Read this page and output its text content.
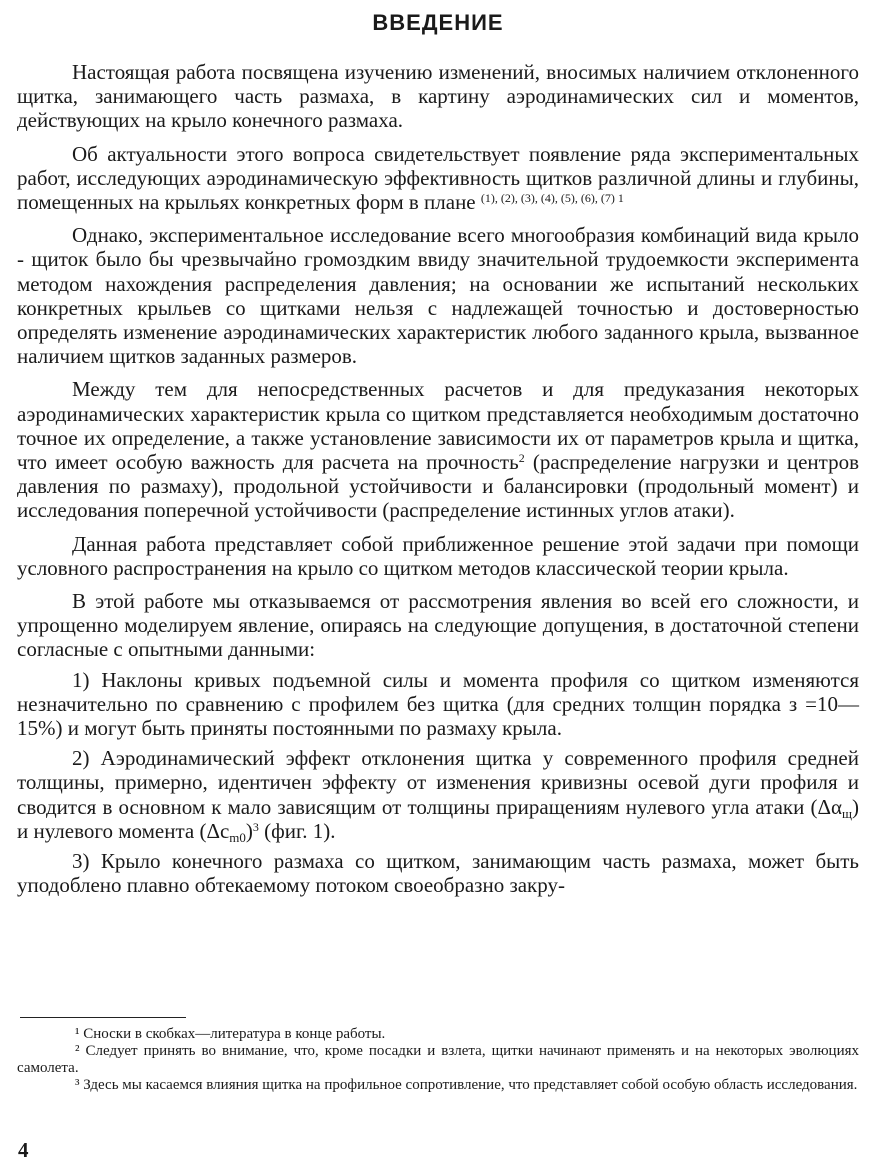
ВВЕДЕНИЕ

Настоящая работа посвящена изучению изменений, вносимых наличием отклоненного щитка, занимающего часть размаха, в картину аэродинамических сил и моментов, действующих на крыло конечного размаха.

Об актуальности этого вопроса свидетельствует появление ряда экспериментальных работ, исследующих аэродинамическую эффективность щитков различной длины и глубины, помещенных на крыльях конкретных форм в плане $^{(1), (2), (3), (4), (5), (6), (7)}$ $^1$

Однако, экспериментальное исследование всего многообразия комбинаций вида крыло - щиток было бы чрезвычайно громоздким ввиду значительной трудоемкости эксперимента методом нахождения распределения давления; на основании же испытаний нескольких конкретных крыльев со щитками нельзя с надлежащей точностью и достоверностью определять изменение аэродинамических характеристик любого заданного крыла, вызванное наличием щитков заданных размеров.

Между тем для непосредственных расчетов и для предуказания некоторых аэродинамических характеристик крыла со щитком представляется необходимым достаточно точное их определение, а также установление зависимости их от параметров крыла и щитка, что имеет особую важность для расчета на прочность$^2$ (распределение нагрузки и центров давления по размаху), продольной устойчивости и балансировки (продольный момент) и исследования поперечной устойчивости (распределение истинных углов атаки).

Данная работа представляет собой приближенное решение этой задачи при помощи условного распространения на крыло со щитком методов классической теории крыла.

В этой работе мы отказываемся от рассмотрения явления во всей его сложности, и упрощенно моделируем явление, опираясь на следующие допущения, в достаточной степени согласные с опытными данными:

1) Наклоны кривых подъемной силы и момента профиля со щитком изменяются незначительно по сравнению с профилем без щитка (для средних толщин порядка з =10—15%) и могут быть приняты постоянными по размаху крыла.

2) Аэродинамический эффект отклонения щитка у современного профиля средней толщины, примерно, идентичен эффекту от изменения кривизны осевой дуги профиля и сводится в основном к мало зависящим от толщины приращениям нулевого угла атаки $(\Delta\alpha_щ)$ и нулевого момента $(\Delta c_{m0})^3$ (фиг. 1).

3) Крыло конечного размаха со щитком, занимающим часть размаха, может быть уподоблено плавно обтекаемому потоком своеобразно закру-

¹ Сноски в скобках—литература в конце работы.

² Следует принять во внимание, что, кроме посадки и взлета, щитки начинают применять и на некоторых эволюциях самолета.

³ Здесь мы касаемся влияния щитка на профильное сопротивление, что представляет собой особую область исследования.

4
